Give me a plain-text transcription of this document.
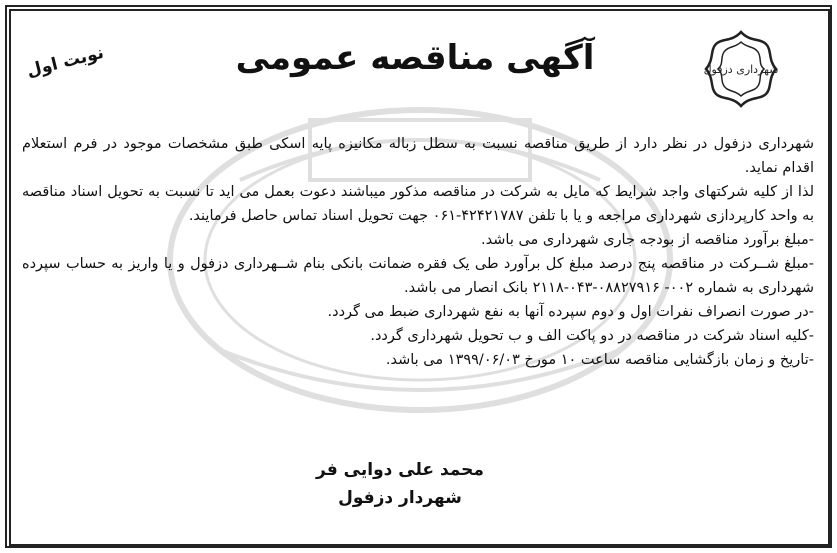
شهرداری دزفول
آگهی مناقصه عمومی
نوبت اول

شهرداری دزفول در نظر دارد از طریق مناقصه نسبت به سطل زباله مکانیزه پایه اسکی طبق مشخصات موجود در فرم استعلام اقدام نماید.

لذا از کلیه شرکتهای واجد شرایط که مایل به شرکت در مناقصه مذکور میباشند دعوت بعمل می اید تا نسبت به تحویل اسناد مناقصه به واحد کارپردازی شهرداری مراجعه و یا با تلفن ۴۲۴۲۱۷۸۷-۰۶۱ جهت تحویل اسناد تماس حاصل فرمایند.

-مبلغ برآورد مناقصه از بودجه جاری شهرداری می باشد.

-مبلغ شــرکت در مناقصه پنج درصد مبلغ کل برآورد طی یک فقره ضمانت بانکی بنام شــهرداری دزفول و یا واریز به حساب سپرده شهرداری به شماره ۰۰۲- ۰۸۸۲۷۹۱۶-۰۴۳-۲۱۱۸ بانک انصار می باشد.

-در صورت انصراف نفرات اول و دوم سپرده آنها به نفع شهرداری ضبط می گردد.

-کلیه اسناد شرکت در مناقصه در دو پاکت الف و ب تحویل شهرداری گردد.

-تاریخ و زمان بازگشایی مناقصه ساعت ۱۰ مورخ ۱۳۹۹/۰۶/۰۳ می باشد.

محمد علی دوایی فر
شهردار دزفول
